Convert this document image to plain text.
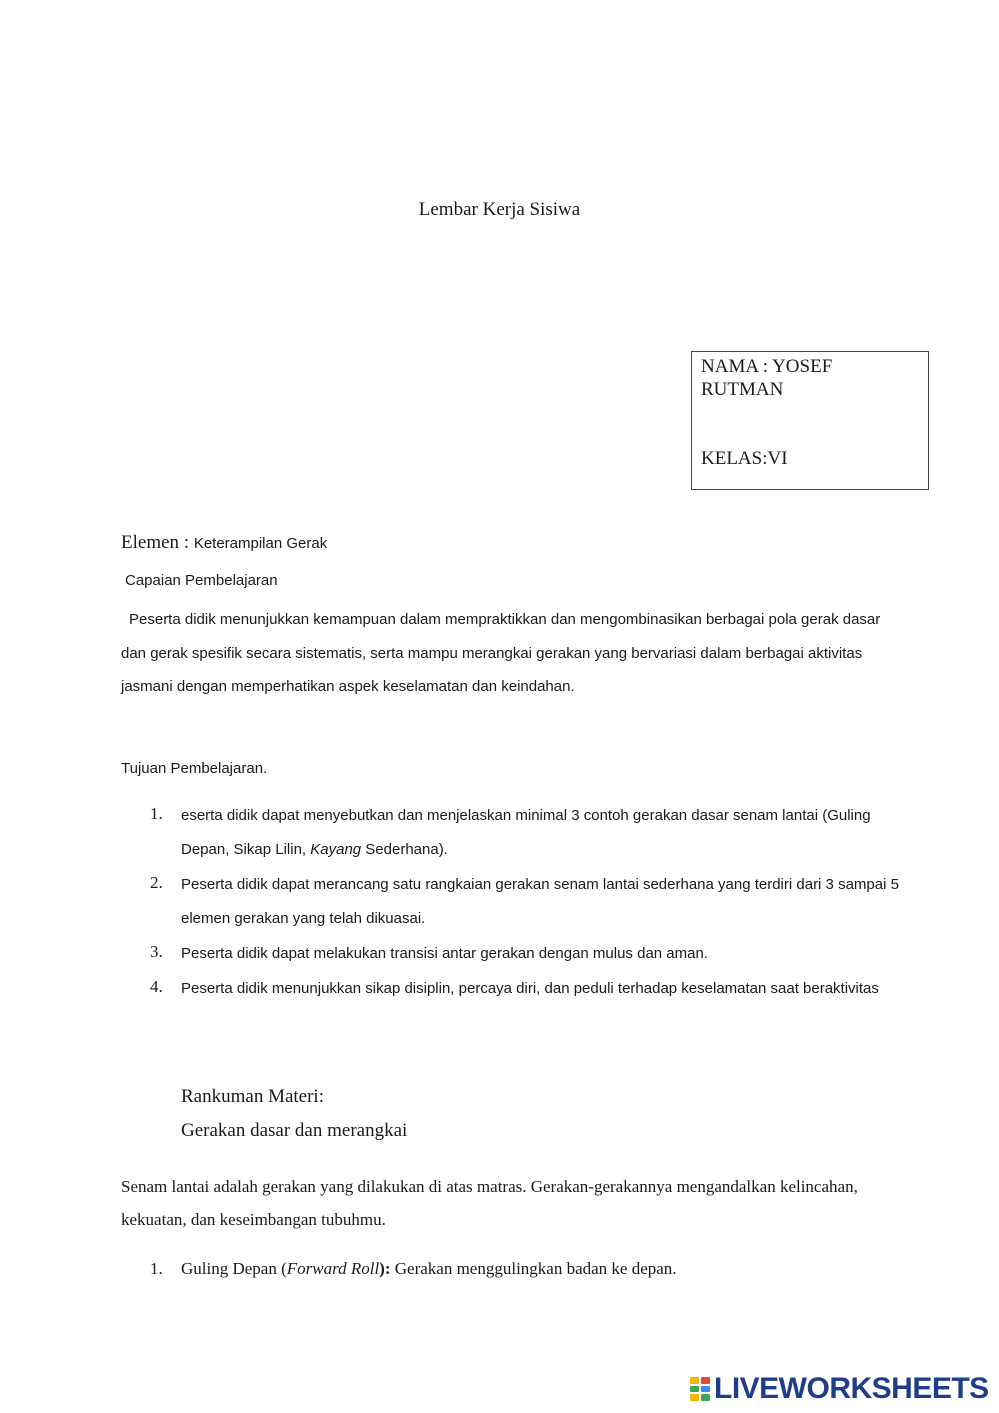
Lembar Kerja Sisiwa
NAMA : YOSEF RUTMAN
KELAS:VI
Elemen : Keterampilan Gerak
Capaian Pembelajaran
Peserta didik menunjukkan kemampuan dalam mempraktikkan dan mengombinasikan berbagai pola gerak dasar dan gerak spesifik secara sistematis, serta mampu merangkai gerakan yang bervariasi dalam berbagai aktivitas jasmani dengan memperhatikan aspek keselamatan dan keindahan.
Tujuan Pembelajaran.
1. eserta didik dapat menyebutkan dan menjelaskan minimal 3 contoh gerakan dasar senam lantai (Guling Depan, Sikap Lilin, Kayang Sederhana).
2. Peserta didik dapat merancang satu rangkaian gerakan senam lantai sederhana yang terdiri dari 3 sampai 5 elemen gerakan yang telah dikuasai.
3. Peserta didik dapat melakukan transisi antar gerakan dengan mulus dan aman.
4. Peserta didik menunjukkan sikap disiplin, percaya diri, dan peduli terhadap keselamatan saat beraktivitas
Rankuman Materi:
Gerakan dasar dan merangkai
Senam lantai adalah gerakan yang dilakukan di atas matras. Gerakan-gerakannya mengandalkan kelincahan, kekuatan, dan keseimbangan tubuhmu.
1. Guling Depan (Forward Roll): Gerakan menggulingkan badan ke depan.
LIVEWORKSHEETS
